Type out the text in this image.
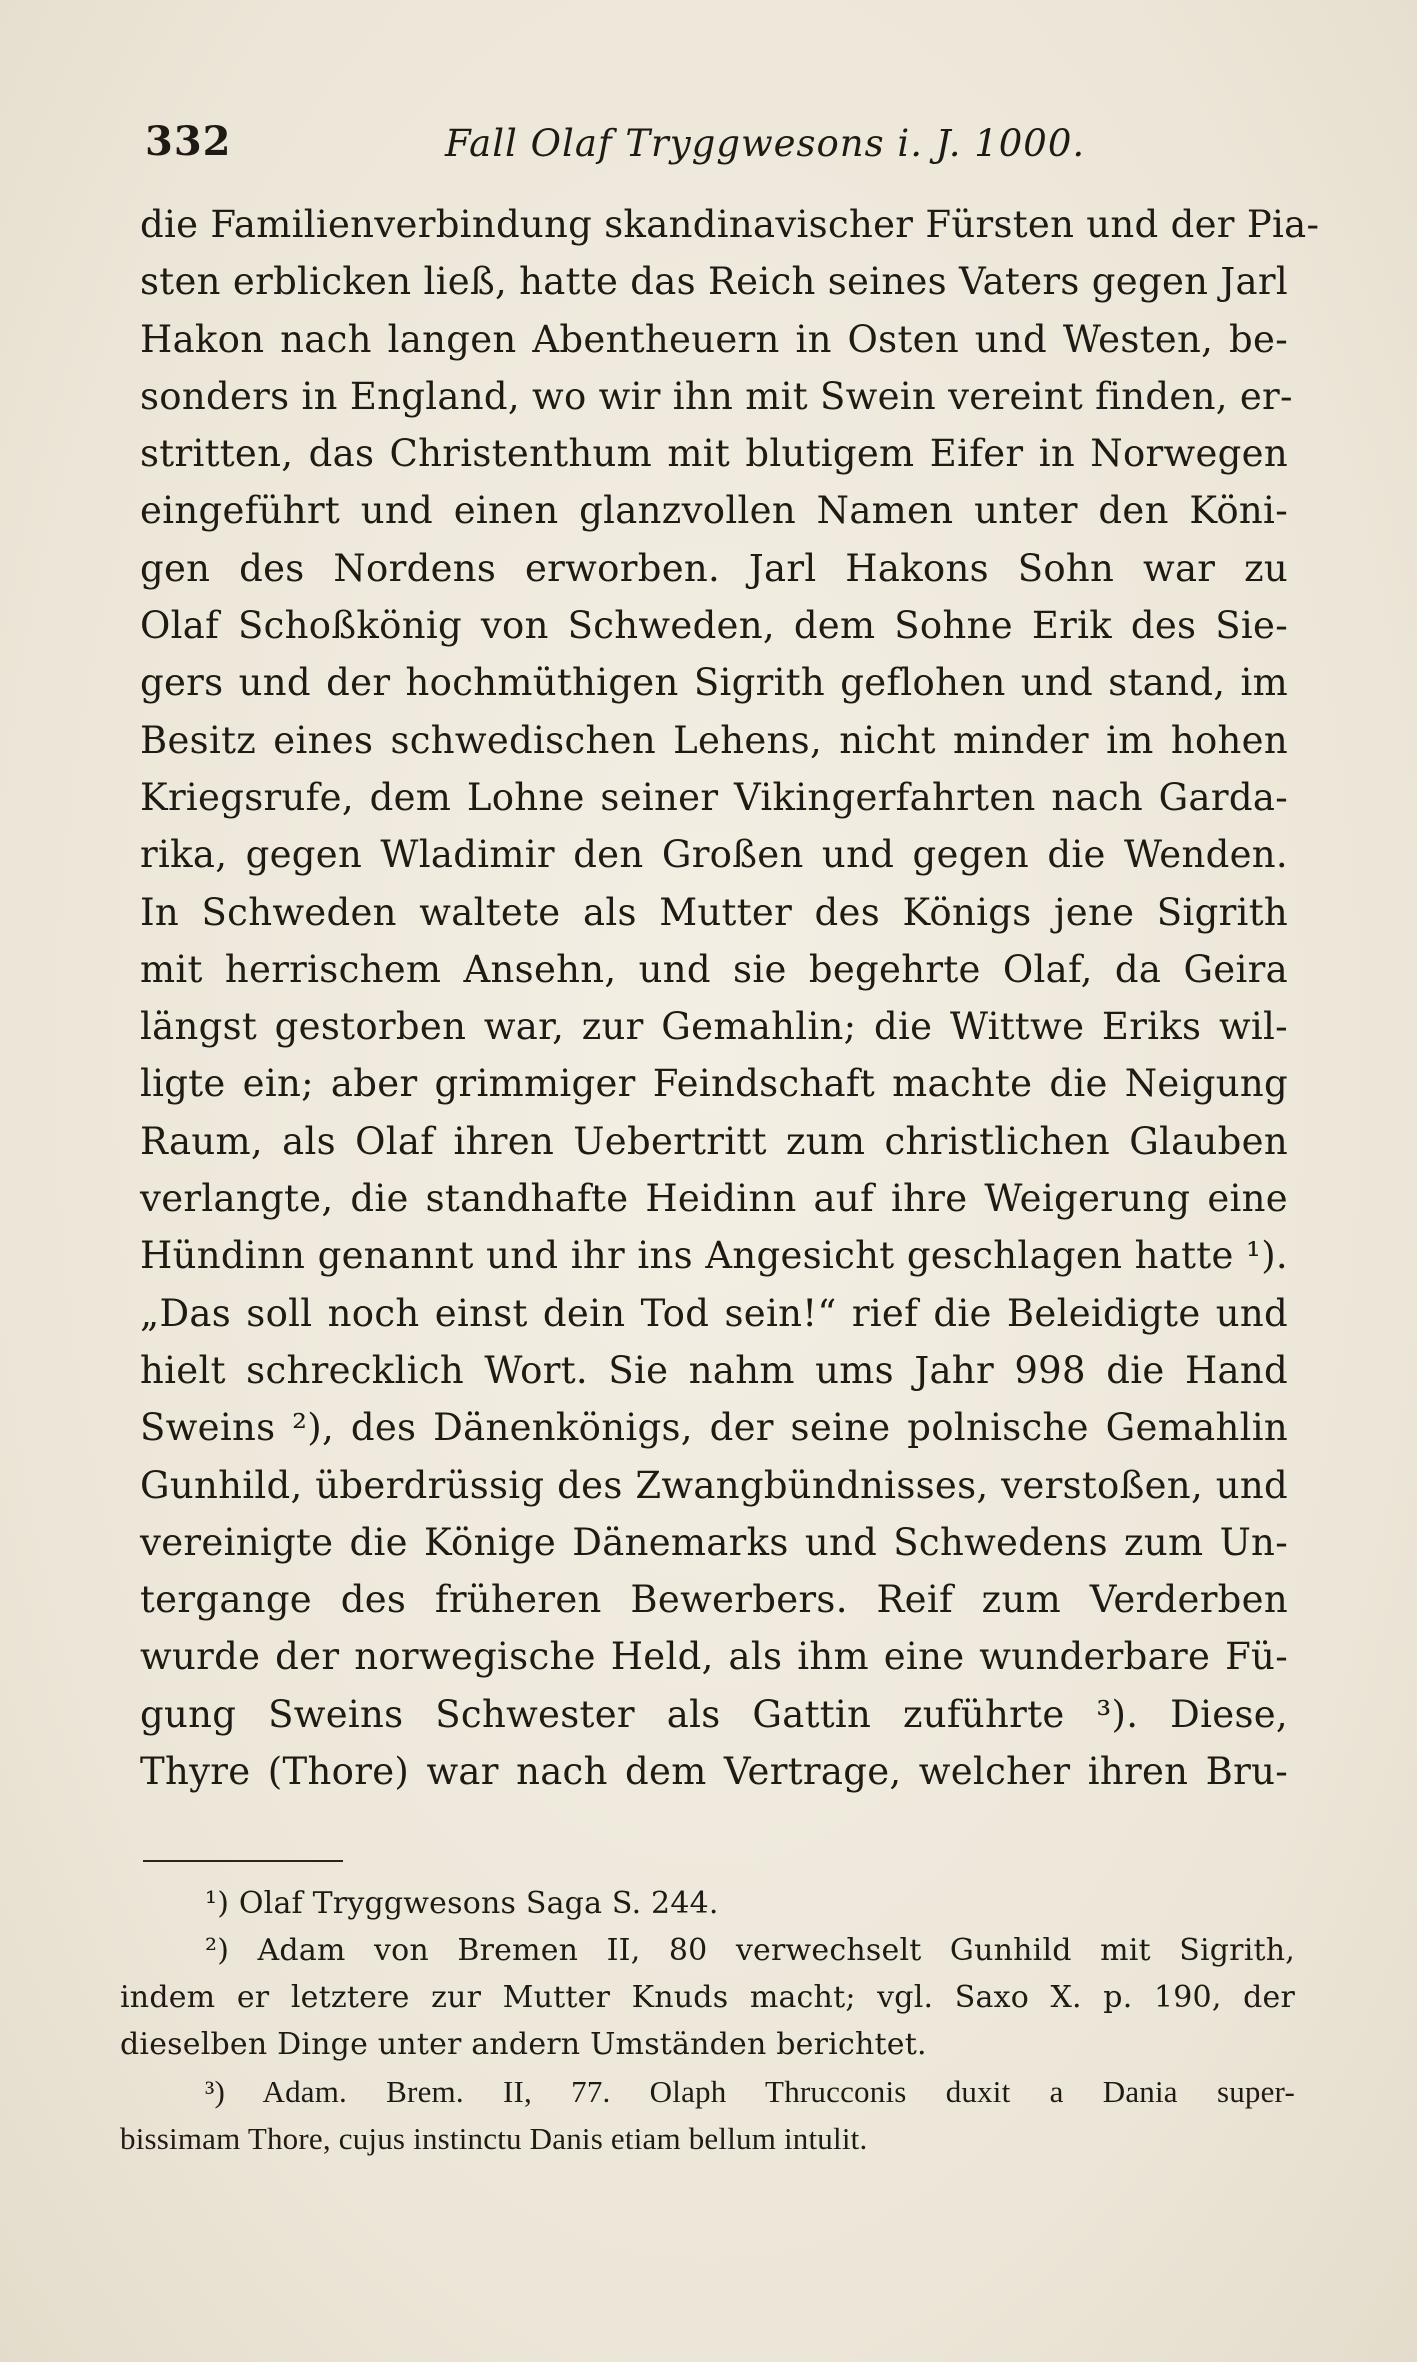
332	Fall Olaf Tryggwesons i. J. 1000.
die Familienverbindung skandinavischer Fürsten und der Pia-
sten erblicken ließ, hatte das Reich seines Vaters gegen Jarl
Hakon nach langen Abentheuern in Osten und Westen, be-
sonders in England, wo wir ihn mit Swein vereint finden, er-
stritten, das Christenthum mit blutigem Eifer in Norwegen
eingeführt und einen glanzvollen Namen unter den Köni-
gen des Nordens erworben. Jarl Hakons Sohn war zu
Olaf Schoßkönig von Schweden, dem Sohne Erik des Sie-
gers und der hochmüthigen Sigrith geflohen und stand, im
Besitz eines schwedischen Lehens, nicht minder im hohen
Kriegsrufe, dem Lohne seiner Vikingerfahrten nach Garda-
rika, gegen Wladimir den Großen und gegen die Wenden.
In Schweden waltete als Mutter des Königs jene Sigrith
mit herrischem Ansehn, und sie begehrte Olaf, da Geira
längst gestorben war, zur Gemahlin; die Wittwe Eriks wil-
ligte ein; aber grimmiger Feindschaft machte die Neigung
Raum, als Olaf ihren Uebertritt zum christlichen Glauben
verlangte, die standhafte Heidinn auf ihre Weigerung eine
Hündinn genannt und ihr ins Angesicht geschlagen hatte ¹).
„Das soll noch einst dein Tod sein!“ rief die Beleidigte und
hielt schrecklich Wort. Sie nahm ums Jahr 998 die Hand
Sweins ²), des Dänenkönigs, der seine polnische Gemahlin
Gunhild, überdrüssig des Zwangbündnisses, verstoßen, und
vereinigte die Könige Dänemarks und Schwedens zum Un-
tergange des früheren Bewerbers. Reif zum Verderben
wurde der norwegische Held, als ihm eine wunderbare Fü-
gung Sweins Schwester als Gattin zuführte ³). Diese,
Thyre (Thore) war nach dem Vertrage, welcher ihren Bru-
¹) Olaf Tryggwesons Saga S. 244.
²) Adam von Bremen II, 80 verwechselt Gunhild mit Sigrith,
indem er letztere zur Mutter Knuds macht; vgl. Saxo X. p. 190, der
dieselben Dinge unter andern Umständen berichtet.
³) Adam. Brem. II, 77. Olaph Thrucconis duxit a Dania super-
bissimam Thore, cujus instinctu Danis etiam bellum intulit.
